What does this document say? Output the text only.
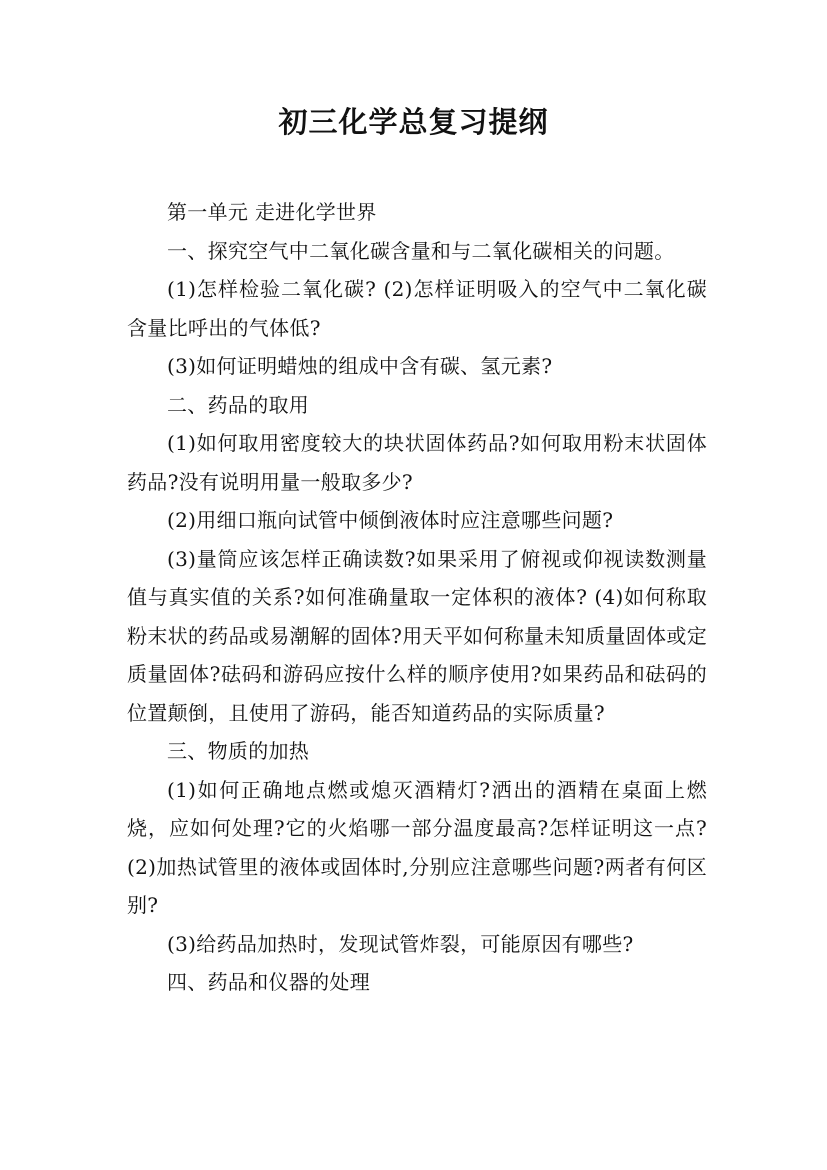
初三化学总复习提纲

第一单元 走进化学世界

一、探究空气中二氧化碳含量和与二氧化碳相关的问题。

(1)怎样检验二氧化碳? (2)怎样证明吸入的空气中二氧化碳含量比呼出的气体低?

(3)如何证明蜡烛的组成中含有碳、氢元素?

二、药品的取用

(1)如何取用密度较大的块状固体药品?如何取用粉末状固体药品?没有说明用量一般取多少?

(2)用细口瓶向试管中倾倒液体时应注意哪些问题?

(3)量筒应该怎样正确读数?如果采用了俯视或仰视读数测量值与真实值的关系?如何准确量取一定体积的液体? (4)如何称取粉末状的药品或易潮解的固体?用天平如何称量未知质量固体或定质量固体?砝码和游码应按什么样的顺序使用?如果药品和砝码的位置颠倒，且使用了游码，能否知道药品的实际质量?

三、物质的加热

(1)如何正确地点燃或熄灭酒精灯?洒出的酒精在桌面上燃烧，应如何处理?它的火焰哪一部分温度最高?怎样证明这一点?(2)加热试管里的液体或固体时,分别应注意哪些问题?两者有何区别?

(3)给药品加热时，发现试管炸裂，可能原因有哪些?

四、药品和仪器的处理
